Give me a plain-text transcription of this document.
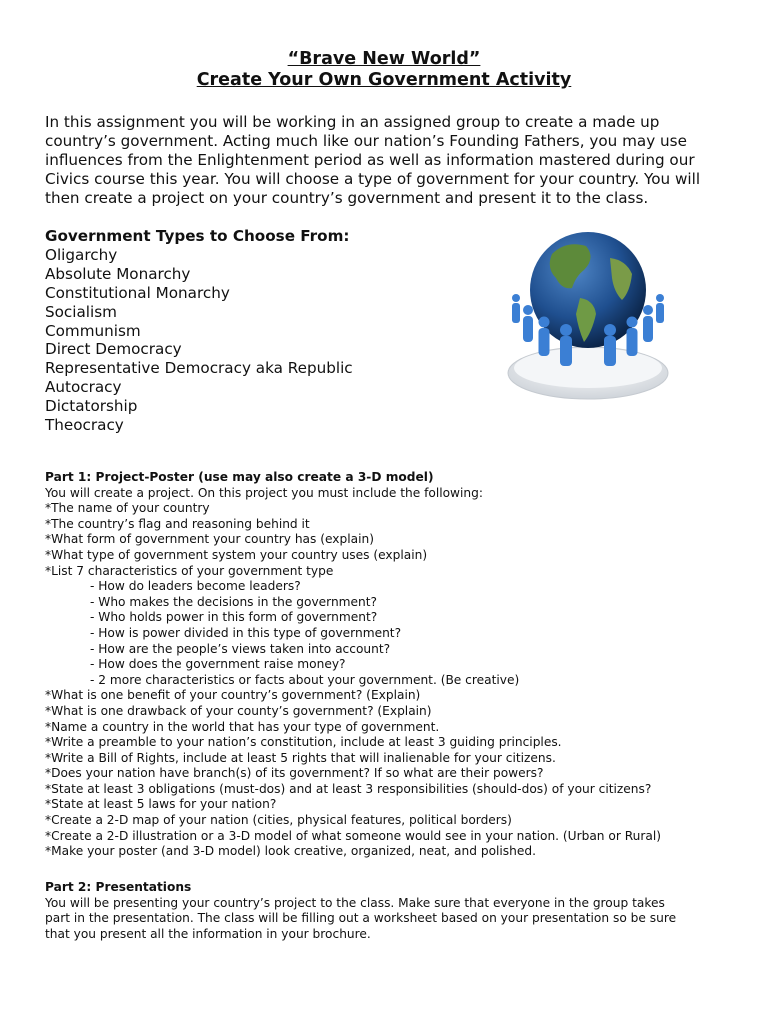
“Brave New World”
Create Your Own Government Activity

In this assignment you will be working in an assigned group to create a made up

country’s government. Acting much like our nation’s Founding Fathers, you may use

influences from the Enlightenment period as well as information mastered during our

Civics course this year. You will choose a type of government for your country. You will

then create a project on your country’s government and present it to the class.

Government Types to Choose From:
Oligarchy
Absolute Monarchy
Constitutional Monarchy
Socialism
Communism
Direct Democracy
Representative Democracy aka Republic
Autocracy
Dictatorship
Theocracy
Part 1: Project-Poster (use may also create a 3-D model)
You will create a project. On this project you must include the following:
*The name of your country
*The country’s flag and reasoning behind it
*What form of government your country has (explain)
*What type of government system your country uses (explain)
*List 7 characteristics of your government type
- How do leaders become leaders?
- Who makes the decisions in the government?
- Who holds power in this form of government?
- How is power divided in this type of government?
- How are the people’s views taken into account?
- How does the government raise money?
- 2 more characteristics or facts about your government. (Be creative)
*What is one benefit of your country’s government? (Explain)
*What is one drawback of your county’s government? (Explain)
*Name a country in the world that has your type of government.
*Write a preamble to your nation’s constitution, include at least 3 guiding principles.
*Write a Bill of Rights, include at least 5 rights that will inalienable for your citizens.
*Does your nation have branch(s) of its government? If so what are their powers?
*State at least 3 obligations (must-dos) and at least 3 responsibilities (should-dos) of your citizens?
*State at least 5 laws for your nation?
*Create a 2-D map of your nation (cities, physical features, political borders)
*Create a 2-D illustration or a 3-D model of what someone would see in your nation. (Urban or Rural)
*Make your poster (and 3-D model) look creative, organized, neat, and polished.
Part 2: Presentations
You will be presenting your country’s project to the class. Make sure that everyone in the group takes
part in the presentation. The class will be filling out a worksheet based on your presentation so be sure
that you present all the information in your brochure.
